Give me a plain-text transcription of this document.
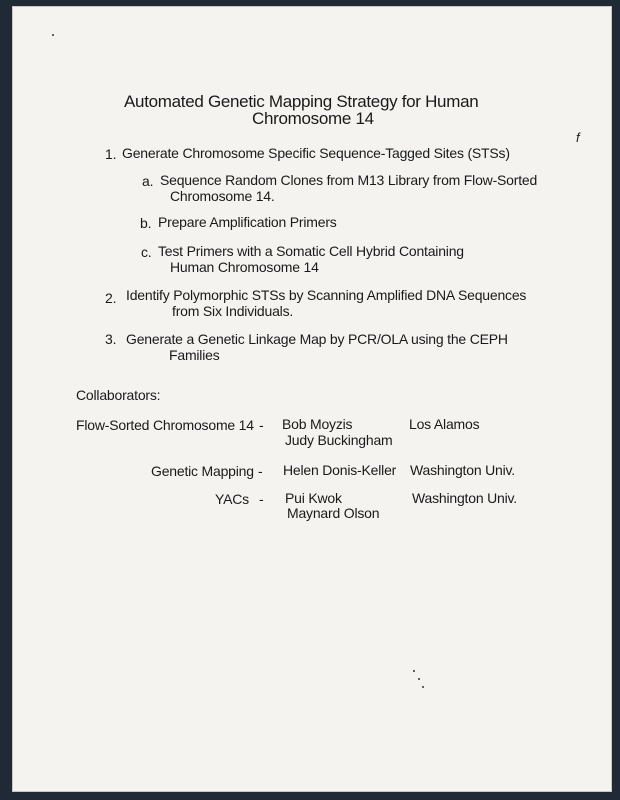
Automated Genetic Mapping Strategy for Human
Chromosome 14
f
1. Generate Chromosome Specific Sequence-Tagged Sites (STSs)
a. Sequence Random Clones from M13 Library from Flow-Sorted
Chromosome 14.
b. Prepare Amplification Primers
c. Test Primers with a Somatic Cell Hybrid Containing
Human Chromosome 14
2. Identify Polymorphic STSs by Scanning Amplified DNA Sequences
from Six Individuals.
3. Generate a Genetic Linkage Map by PCR/OLA using the CEPH
Families
Collaborators:
Flow-Sorted Chromosome 14 - Bob Moyzis
Judy Buckingham
Los Alamos
Genetic Mapping - Helen Donis-Keller Washington Univ.
YACs - Pui Kwok
Maynard Olson
Washington Univ.
